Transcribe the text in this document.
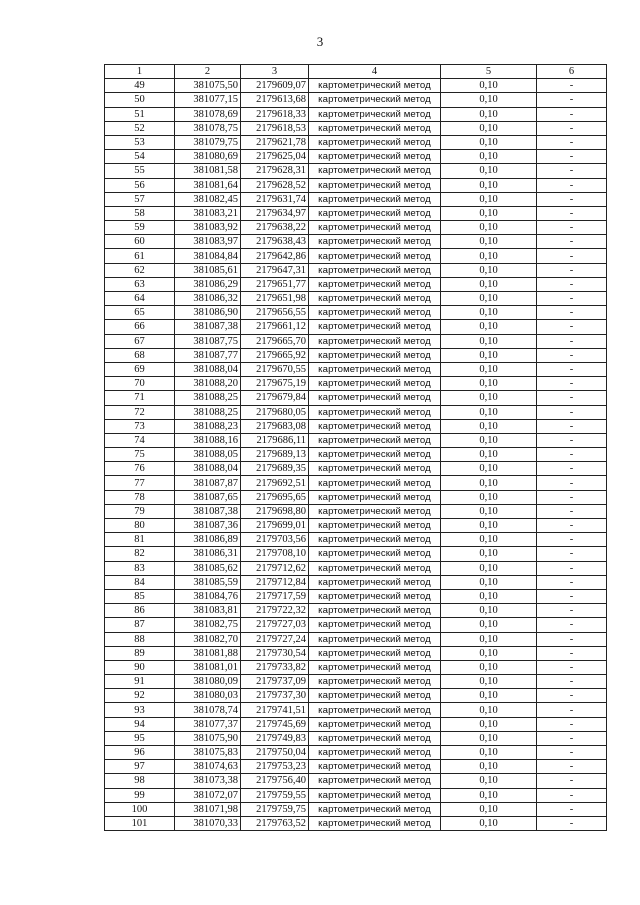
3
1	2	3	4	5	6
49	381075,50	2179609,07	картометрический метод	0,10	-
50	381077,15	2179613,68	картометрический метод	0,10	-
51	381078,69	2179618,33	картометрический метод	0,10	-
52	381078,75	2179618,53	картометрический метод	0,10	-
53	381079,75	2179621,78	картометрический метод	0,10	-
54	381080,69	2179625,04	картометрический метод	0,10	-
55	381081,58	2179628,31	картометрический метод	0,10	-
56	381081,64	2179628,52	картометрический метод	0,10	-
57	381082,45	2179631,74	картометрический метод	0,10	-
58	381083,21	2179634,97	картометрический метод	0,10	-
59	381083,92	2179638,22	картометрический метод	0,10	-
60	381083,97	2179638,43	картометрический метод	0,10	-
61	381084,84	2179642,86	картометрический метод	0,10	-
62	381085,61	2179647,31	картометрический метод	0,10	-
63	381086,29	2179651,77	картометрический метод	0,10	-
64	381086,32	2179651,98	картометрический метод	0,10	-
65	381086,90	2179656,55	картометрический метод	0,10	-
66	381087,38	2179661,12	картометрический метод	0,10	-
67	381087,75	2179665,70	картометрический метод	0,10	-
68	381087,77	2179665,92	картометрический метод	0,10	-
69	381088,04	2179670,55	картометрический метод	0,10	-
70	381088,20	2179675,19	картометрический метод	0,10	-
71	381088,25	2179679,84	картометрический метод	0,10	-
72	381088,25	2179680,05	картометрический метод	0,10	-
73	381088,23	2179683,08	картометрический метод	0,10	-
74	381088,16	2179686,11	картометрический метод	0,10	-
75	381088,05	2179689,13	картометрический метод	0,10	-
76	381088,04	2179689,35	картометрический метод	0,10	-
77	381087,87	2179692,51	картометрический метод	0,10	-
78	381087,65	2179695,65	картометрический метод	0,10	-
79	381087,38	2179698,80	картометрический метод	0,10	-
80	381087,36	2179699,01	картометрический метод	0,10	-
81	381086,89	2179703,56	картометрический метод	0,10	-
82	381086,31	2179708,10	картометрический метод	0,10	-
83	381085,62	2179712,62	картометрический метод	0,10	-
84	381085,59	2179712,84	картометрический метод	0,10	-
85	381084,76	2179717,59	картометрический метод	0,10	-
86	381083,81	2179722,32	картометрический метод	0,10	-
87	381082,75	2179727,03	картометрический метод	0,10	-
88	381082,70	2179727,24	картометрический метод	0,10	-
89	381081,88	2179730,54	картометрический метод	0,10	-
90	381081,01	2179733,82	картометрический метод	0,10	-
91	381080,09	2179737,09	картометрический метод	0,10	-
92	381080,03	2179737,30	картометрический метод	0,10	-
93	381078,74	2179741,51	картометрический метод	0,10	-
94	381077,37	2179745,69	картометрический метод	0,10	-
95	381075,90	2179749,83	картометрический метод	0,10	-
96	381075,83	2179750,04	картометрический метод	0,10	-
97	381074,63	2179753,23	картометрический метод	0,10	-
98	381073,38	2179756,40	картометрический метод	0,10	-
99	381072,07	2179759,55	картометрический метод	0,10	-
100	381071,98	2179759,75	картометрический метод	0,10	-
101	381070,33	2179763,52	картометрический метод	0,10	-
